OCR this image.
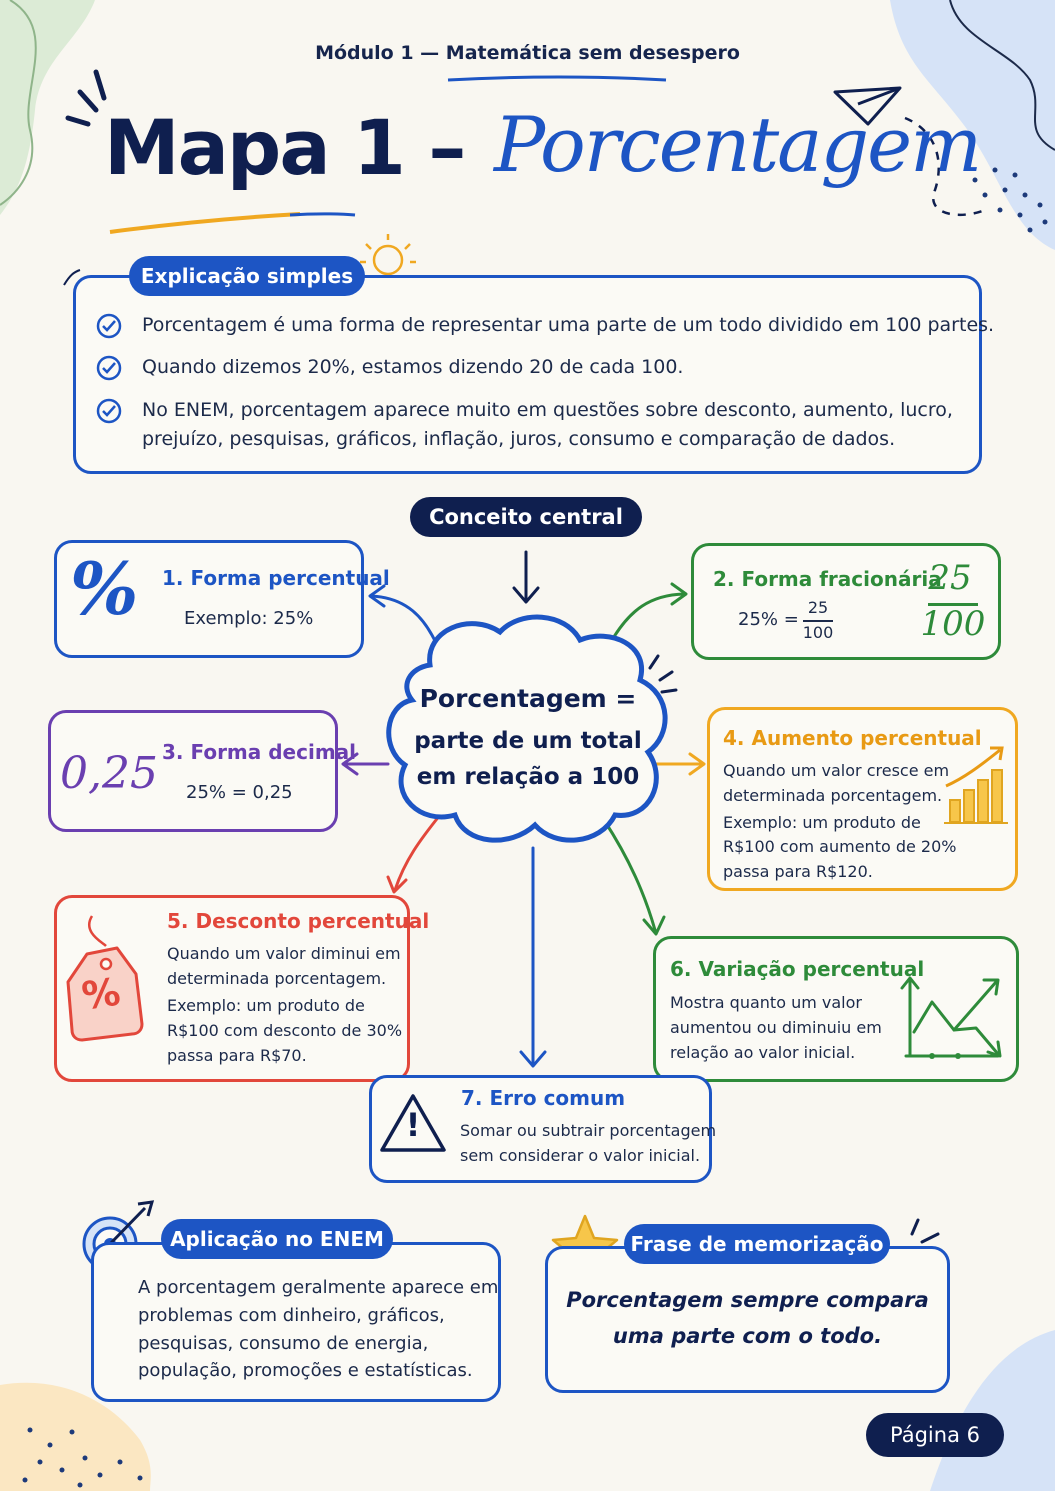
Módulo 1 — Matemática sem desespero
Mapa 1 – Porcentagem
Explicação simples
Porcentagem é uma forma de representar uma parte de um todo dividido em 100 partes.
Quando dizemos 20%, estamos dizendo 20 de cada 100.
No ENEM, porcentagem aparece muito em questões sobre desconto, aumento, lucro,
prejuízo, pesquisas, gráficos, inflação, juros, consumo e comparação de dados.
Conceito central
Porcentagem =
parte de um total
em relação a 100
% 1. Forma percentual
Exemplo: 25%
2. Forma fracionária
25% =
25
100
25
100
0,25 3. Forma decimal
25% = 0,25
4. Aumento percentual
Quando um valor cresce em
determinada porcentagem.
Exemplo: um produto de
R$100 com aumento de 20%
passa para R$120.
%
5. Desconto percentual
Quando um valor diminui em
determinada porcentagem.
Exemplo: um produto de
R$100 com desconto de 30%
passa para R$70.
6. Variação percentual
Mostra quanto um valor
aumentou ou diminuiu em
relação ao valor inicial.
!
7. Erro comum
Somar ou subtrair porcentagem
sem considerar o valor inicial.
Aplicação no ENEM
A porcentagem geralmente aparece em
problemas com dinheiro, gráficos,
pesquisas, consumo de energia,
população, promoções e estatísticas.
Frase de memorização
Porcentagem sempre compara
uma parte com o todo.
Página 6
